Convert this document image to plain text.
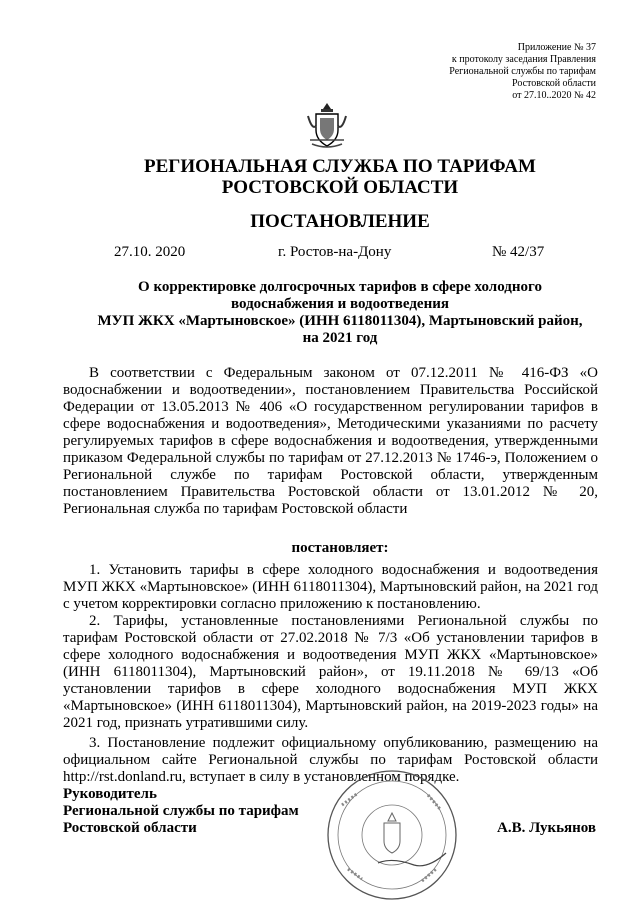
Приложение № 37
к протоколу заседания Правления
Региональной службы по тарифам
Ростовской области
от 27.10..2020 № 42
РЕГИОНАЛЬНАЯ СЛУЖБА ПО ТАРИФАМ
РОСТОВСКОЙ ОБЛАСТИ
ПОСТАНОВЛЕНИЕ
27.10. 2020	г. Ростов-на-Дону	№ 42/37
О корректировке долгосрочных тарифов в сфере холодного
водоснабжения и водоотведения
МУП ЖКХ «Мартыновское» (ИНН 6118011304), Мартыновский район,
на 2021 год
В соответствии с Федеральным законом от 07.12.2011 № 416-ФЗ «О водоснабжении и водоотведении», постановлением Правительства Российской Федерации от 13.05.2013 № 406 «О государственном регулировании тарифов в сфере водоснабжения и водоотведения», Методическими указаниями по расчету регулируемых тарифов в сфере водоснабжения и водоотведения, утвержденными приказом Федеральной службы по тарифам от 27.12.2013 № 1746-э, Положением о Региональной службе по тарифам Ростовской области, утвержденным постановлением Правительства Ростовской области от 13.01.2012 № 20, Региональная служба по тарифам Ростовской области
постановляет:
1. Установить тарифы в сфере холодного водоснабжения и водоотведения МУП ЖКХ «Мартыновское» (ИНН 6118011304), Мартыновский район, на 2021 год с учетом корректировки согласно приложению к постановлению.
2. Тарифы, установленные постановлениями Региональной службы по тарифам Ростовской области от 27.02.2018 № 7/3 «Об установлении тарифов в сфере холодного водоснабжения и водоотведения МУП ЖКХ «Мартыновское» (ИНН 6118011304), Мартыновский район», от 19.11.2018 № 69/13 «Об установлении тарифов в сфере холодного водоснабжения МУП ЖКХ «Мартыновское» (ИНН 6118011304), Мартыновский район, на 2019-2023 годы» на 2021 год, признать утратившими силу.
3. Постановление подлежит официальному опубликованию, размещению на официальном сайте Региональной службы по тарифам Ростовской области http://rst.donland.ru, вступает в силу в установленном порядке.
Руководитель
Региональной службы по тарифам
Ростовской области	А.В. Лукьянов
